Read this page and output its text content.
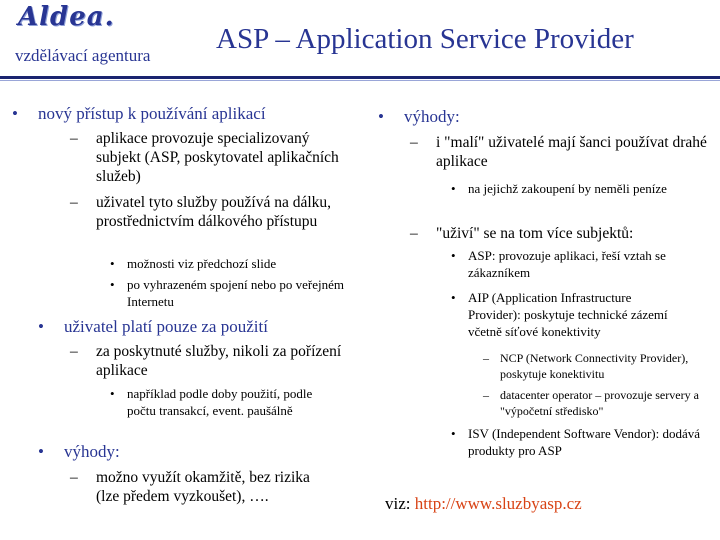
Aldea.
vzdělávací agentura
ASP – Application Service Provider
• nový přístup k používání aplikací
– aplikace provozuje specializovaný subjekt (ASP, poskytovatel aplikačních služeb)
– uživatel tyto služby používá na dálku, prostřednictvím dálkového přístupu
• možnosti viz předchozí slide
• po vyhrazeném spojení nebo po veřejném Internetu
• uživatel platí pouze za použití
– za poskytnuté služby, nikoli za pořízení aplikace
• například podle doby použití, podle počtu transakcí, event. paušálně
• výhody:
– možno využít okamžitě, bez rizika (lze předem vyzkoušet), ….
• výhody:
– i "malí" uživatelé mají šanci používat drahé aplikace
• na jejichž zakoupení by neměli peníze
– "uživí" se na tom více subjektů:
• ASP: provozuje aplikaci, řeší vztah se zákazníkem
• AIP (Application Infrastructure Provider): poskytuje technické zázemí včetně síťové konektivity
– NCP (Network Connectivity Provider), poskytuje konektivitu
– datacenter operator – provozuje servery a "výpočetní středisko"
• ISV (Independent Software Vendor): dodává produkty pro ASP
viz: http://www.sluzbyasp.cz
